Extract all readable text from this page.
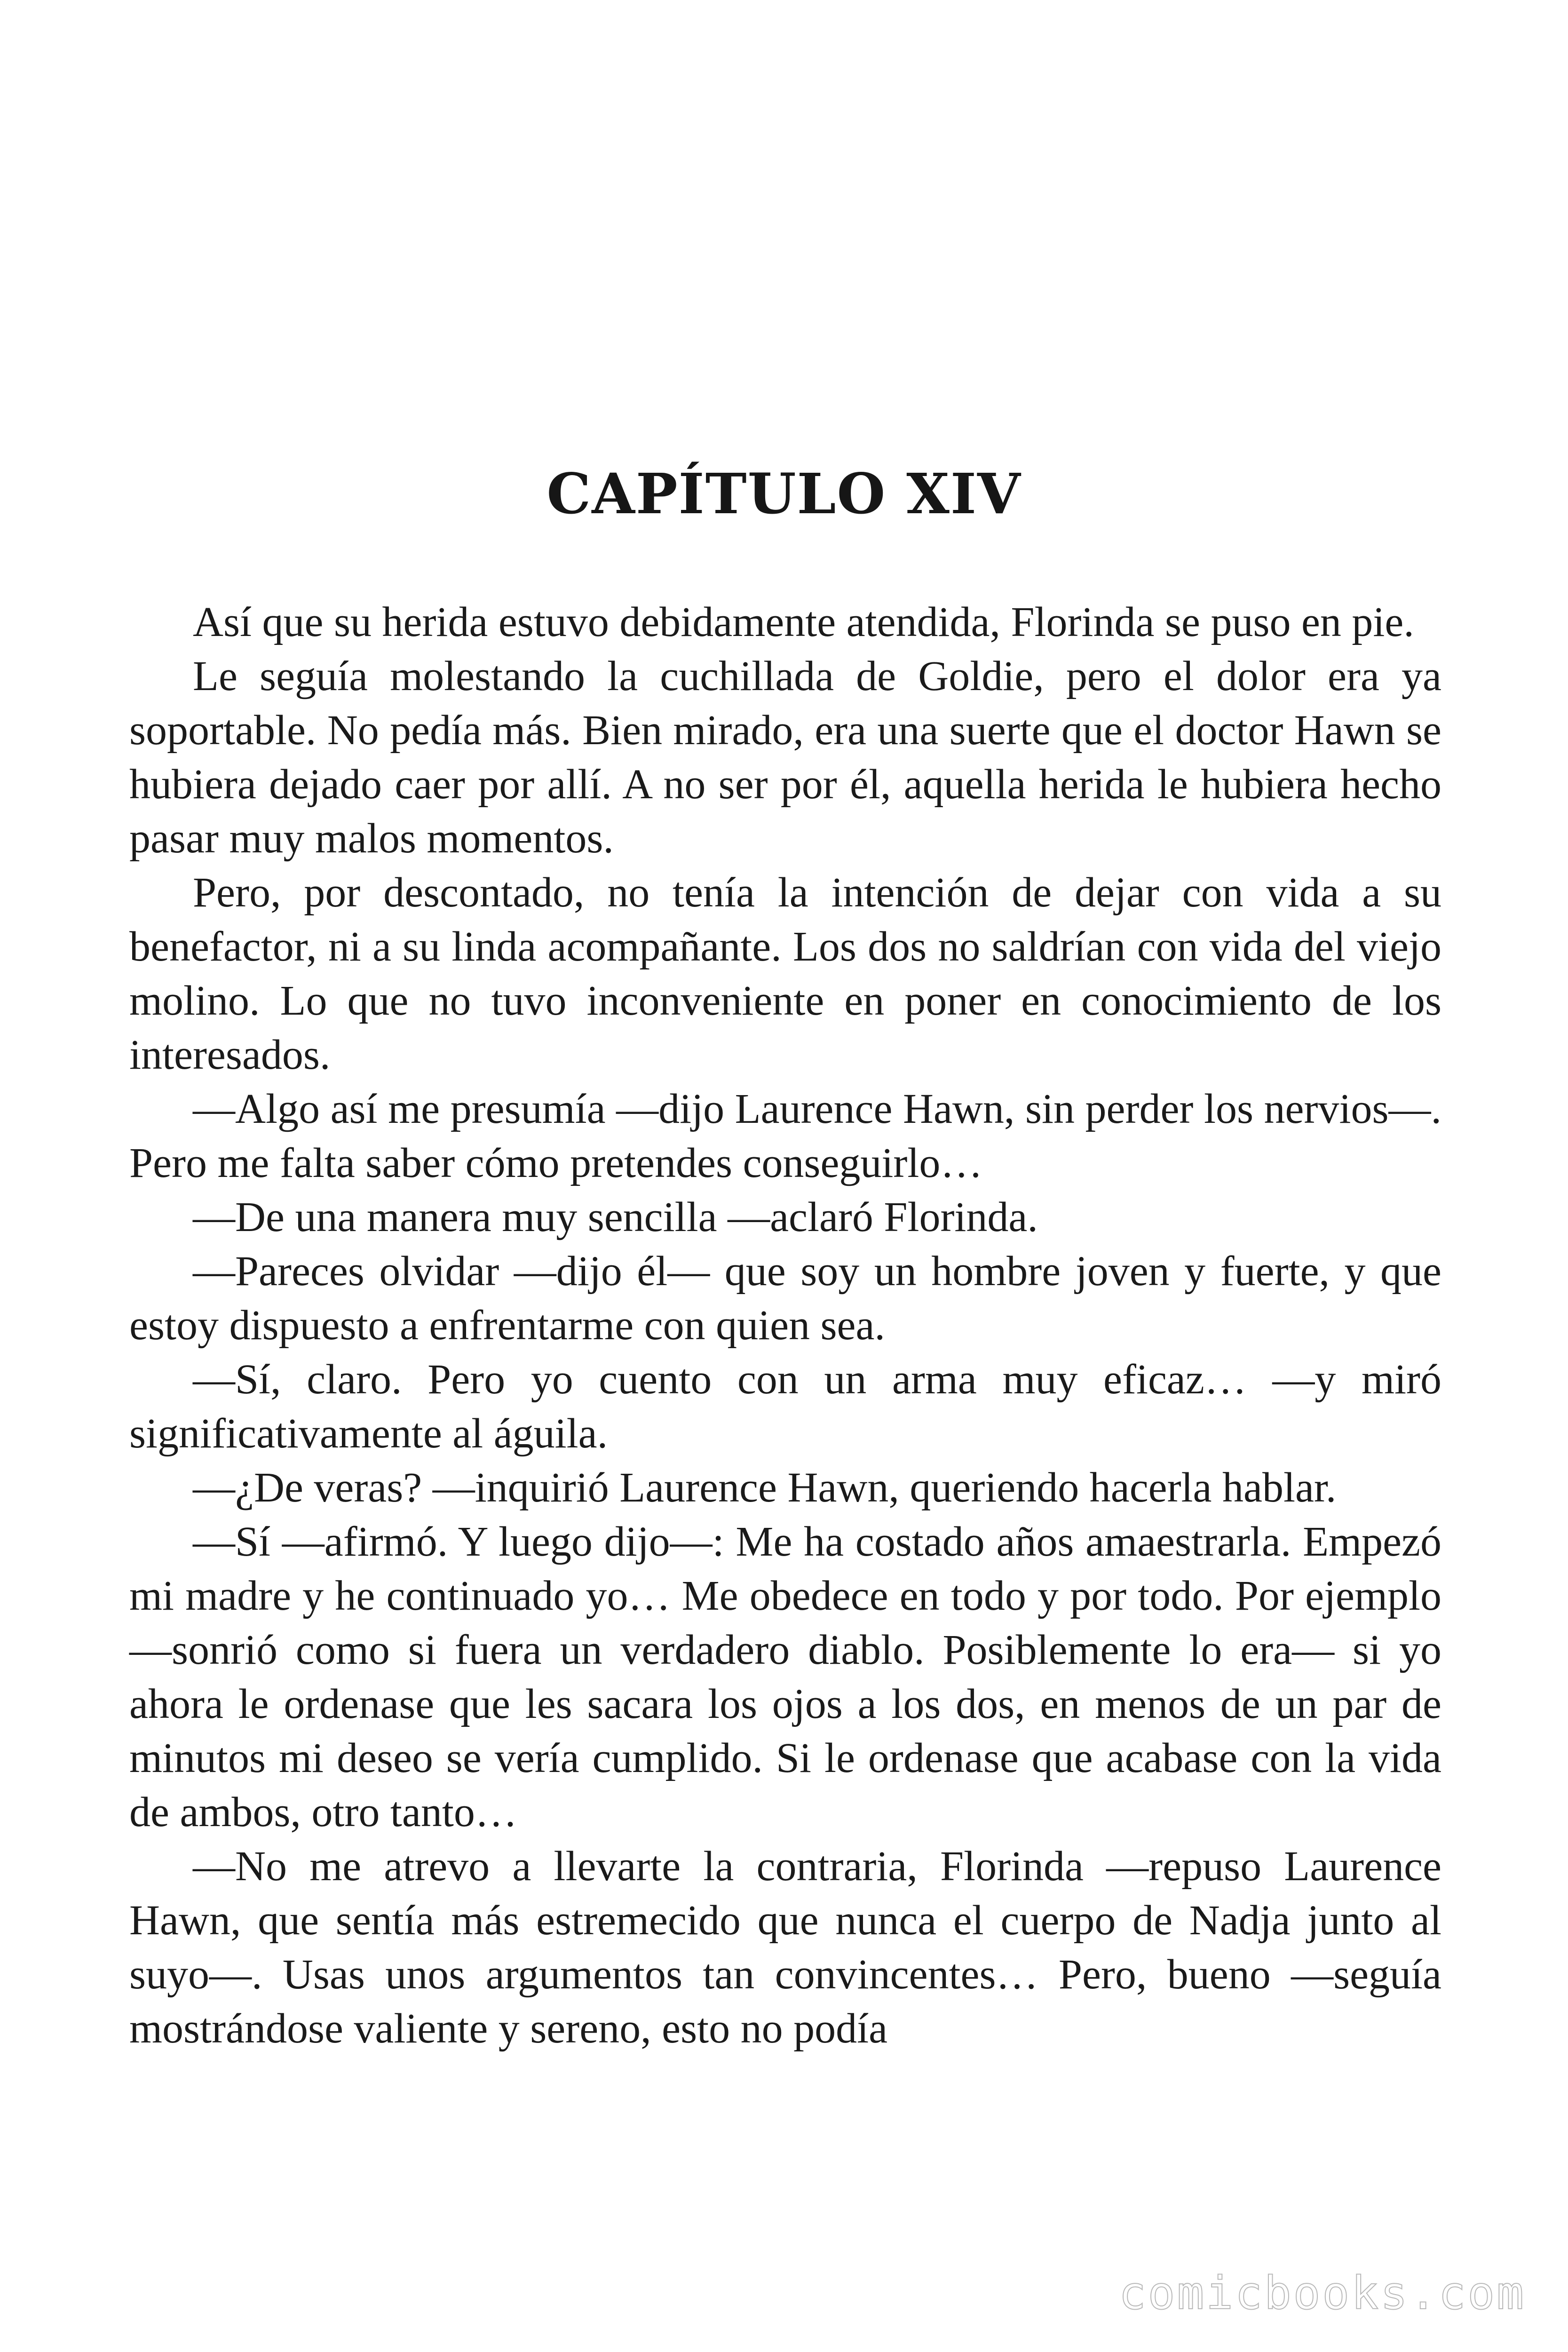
CAPÍTULO XIV

Así que su herida estuvo debidamente atendida, Florinda se puso en pie.

Le seguía molestando la cuchillada de Goldie, pero el dolor era ya soportable. No pedía más. Bien mirado, era una suerte que el doctor Hawn se hubiera dejado caer por allí. A no ser por él, aquella herida le hubiera hecho pasar muy malos momentos.

Pero, por descontado, no tenía la intención de dejar con vida a su benefactor, ni a su linda acompañante. Los dos no saldrían con vida del viejo molino. Lo que no tuvo inconveniente en poner en conocimiento de los interesados.

—Algo así me presumía —dijo Laurence Hawn, sin perder los nervios—. Pero me falta saber cómo pretendes conseguirlo…

—De una manera muy sencilla —aclaró Florinda.

—Pareces olvidar —dijo él— que soy un hombre joven y fuerte, y que estoy dispuesto a enfrentarme con quien sea.

—Sí, claro. Pero yo cuento con un arma muy eficaz… —y miró significativamente al águila.

—¿De veras? —inquirió Laurence Hawn, queriendo hacerla hablar.

—Sí —afirmó. Y luego dijo—: Me ha costado años amaestrarla. Empezó mi madre y he continuado yo… Me obedece en todo y por todo. Por ejemplo —sonrió como si fuera un verdadero diablo. Posiblemente lo era— si yo ahora le ordenase que les sacara los ojos a los dos, en menos de un par de minutos mi deseo se vería cumplido. Si le ordenase que acabase con la vida de ambos, otro tanto…

—No me atrevo a llevarte la contraria, Florinda —repuso Laurence Hawn, que sentía más estremecido que nunca el cuerpo de Nadja junto al suyo—. Usas unos argumentos tan convincentes… Pero, bueno —seguía mostrándose valiente y sereno, esto no podía

comicbooks.com
